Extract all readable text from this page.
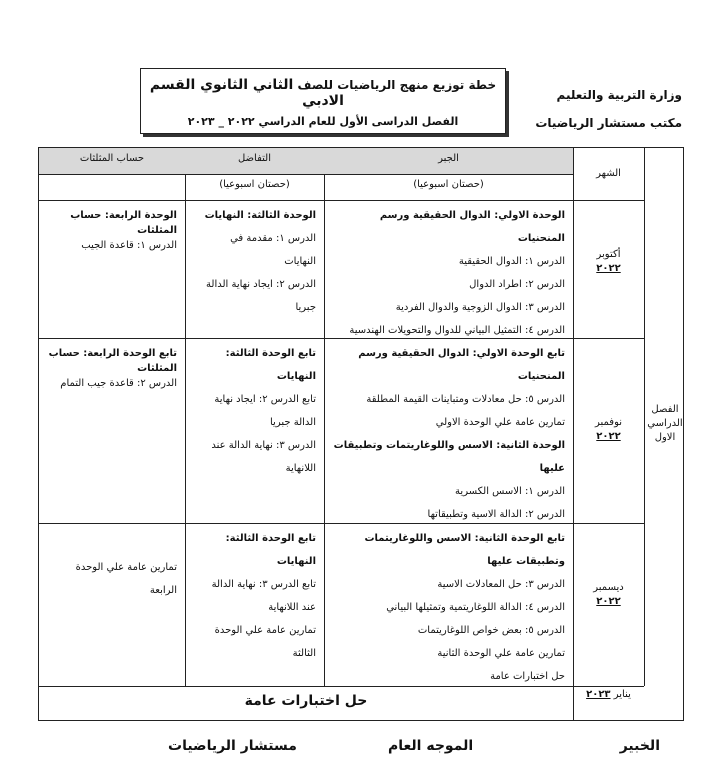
وزارة التربية والتعليم
مكتب مستشار الرياضيات
خطة توزيع منهج الرياضيات للصف الثاني الثانوي القسم الادبي
الفصل الدراسى الأول للعام الدراسي ٢٠٢٢ _ ٢٠٢٣
الجبر
التفاضل
حساب المثلثات
الشهر
(حصتان اسبوعيا)
(حصتان اسبوعيا)
الفصل الدراسي الاول
أكتوبر
٢٠٢٢
الوحدة الاولي: الدوال الحقيقية ورسم المنحنيات
الدرس ١: الدوال الحقيقية
الدرس ٢: اطراد الدوال
الدرس ٣: الدوال الزوجية والدوال الفردية
الدرس ٤: التمثيل البياني للدوال والتحويلات الهندسية
الوحدة الثالثة: النهايات
الدرس ١: مقدمة في
النهايات
الدرس ٢: ايجاد نهاية الدالة
جبريا
الوحدة الرابعة: حساب
المثلثات
الدرس ١: قاعدة الجيب
نوفمبر
٢٠٢٢
تابع الوحدة الاولي: الدوال الحقيقية ورسم المنحنيات
الدرس ٥: حل معادلات ومتباينات القيمة المطلقة
تمارين عامة علي الوحدة الاولي
الوحدة الثانية: الاسس واللوغاريتمات وتطبيقات
عليها
الدرس ١: الاسس الكسرية
الدرس ٢: الدالة الاسية وتطبيقاتها
تابع الوحدة الثالثة:
النهايات
تابع الدرس ٢: ايجاد نهاية
الدالة جبريا
الدرس ٣: نهاية الدالة عند
اللانهاية
تابع الوحدة الرابعة: حساب
المثلثات
الدرس ٢: قاعدة جيب التمام
ديسمبر
٢٠٢٢
تابع الوحدة الثانية: الاسس واللوغاريتمات
وتطبيقات عليها
الدرس ٣: حل المعادلات الاسية
الدرس ٤: الدالة اللوغاريتمية وتمثيلها البياني
الدرس ٥: بعض خواص اللوغاريتمات
تمارين عامة علي الوحدة الثانية
حل اختبارات عامة
تابع الوحدة الثالثة:
النهايات
تابع الدرس ٣: نهاية الدالة
عند اللانهاية
تمارين عامة علي الوحدة
الثالثة
تمارين عامة علي الوحدة
الرابعة
يناير ٢٠٢٣
حل اختبارات عامة
الخبير
الموجه العام
مستشار الرياضيات
